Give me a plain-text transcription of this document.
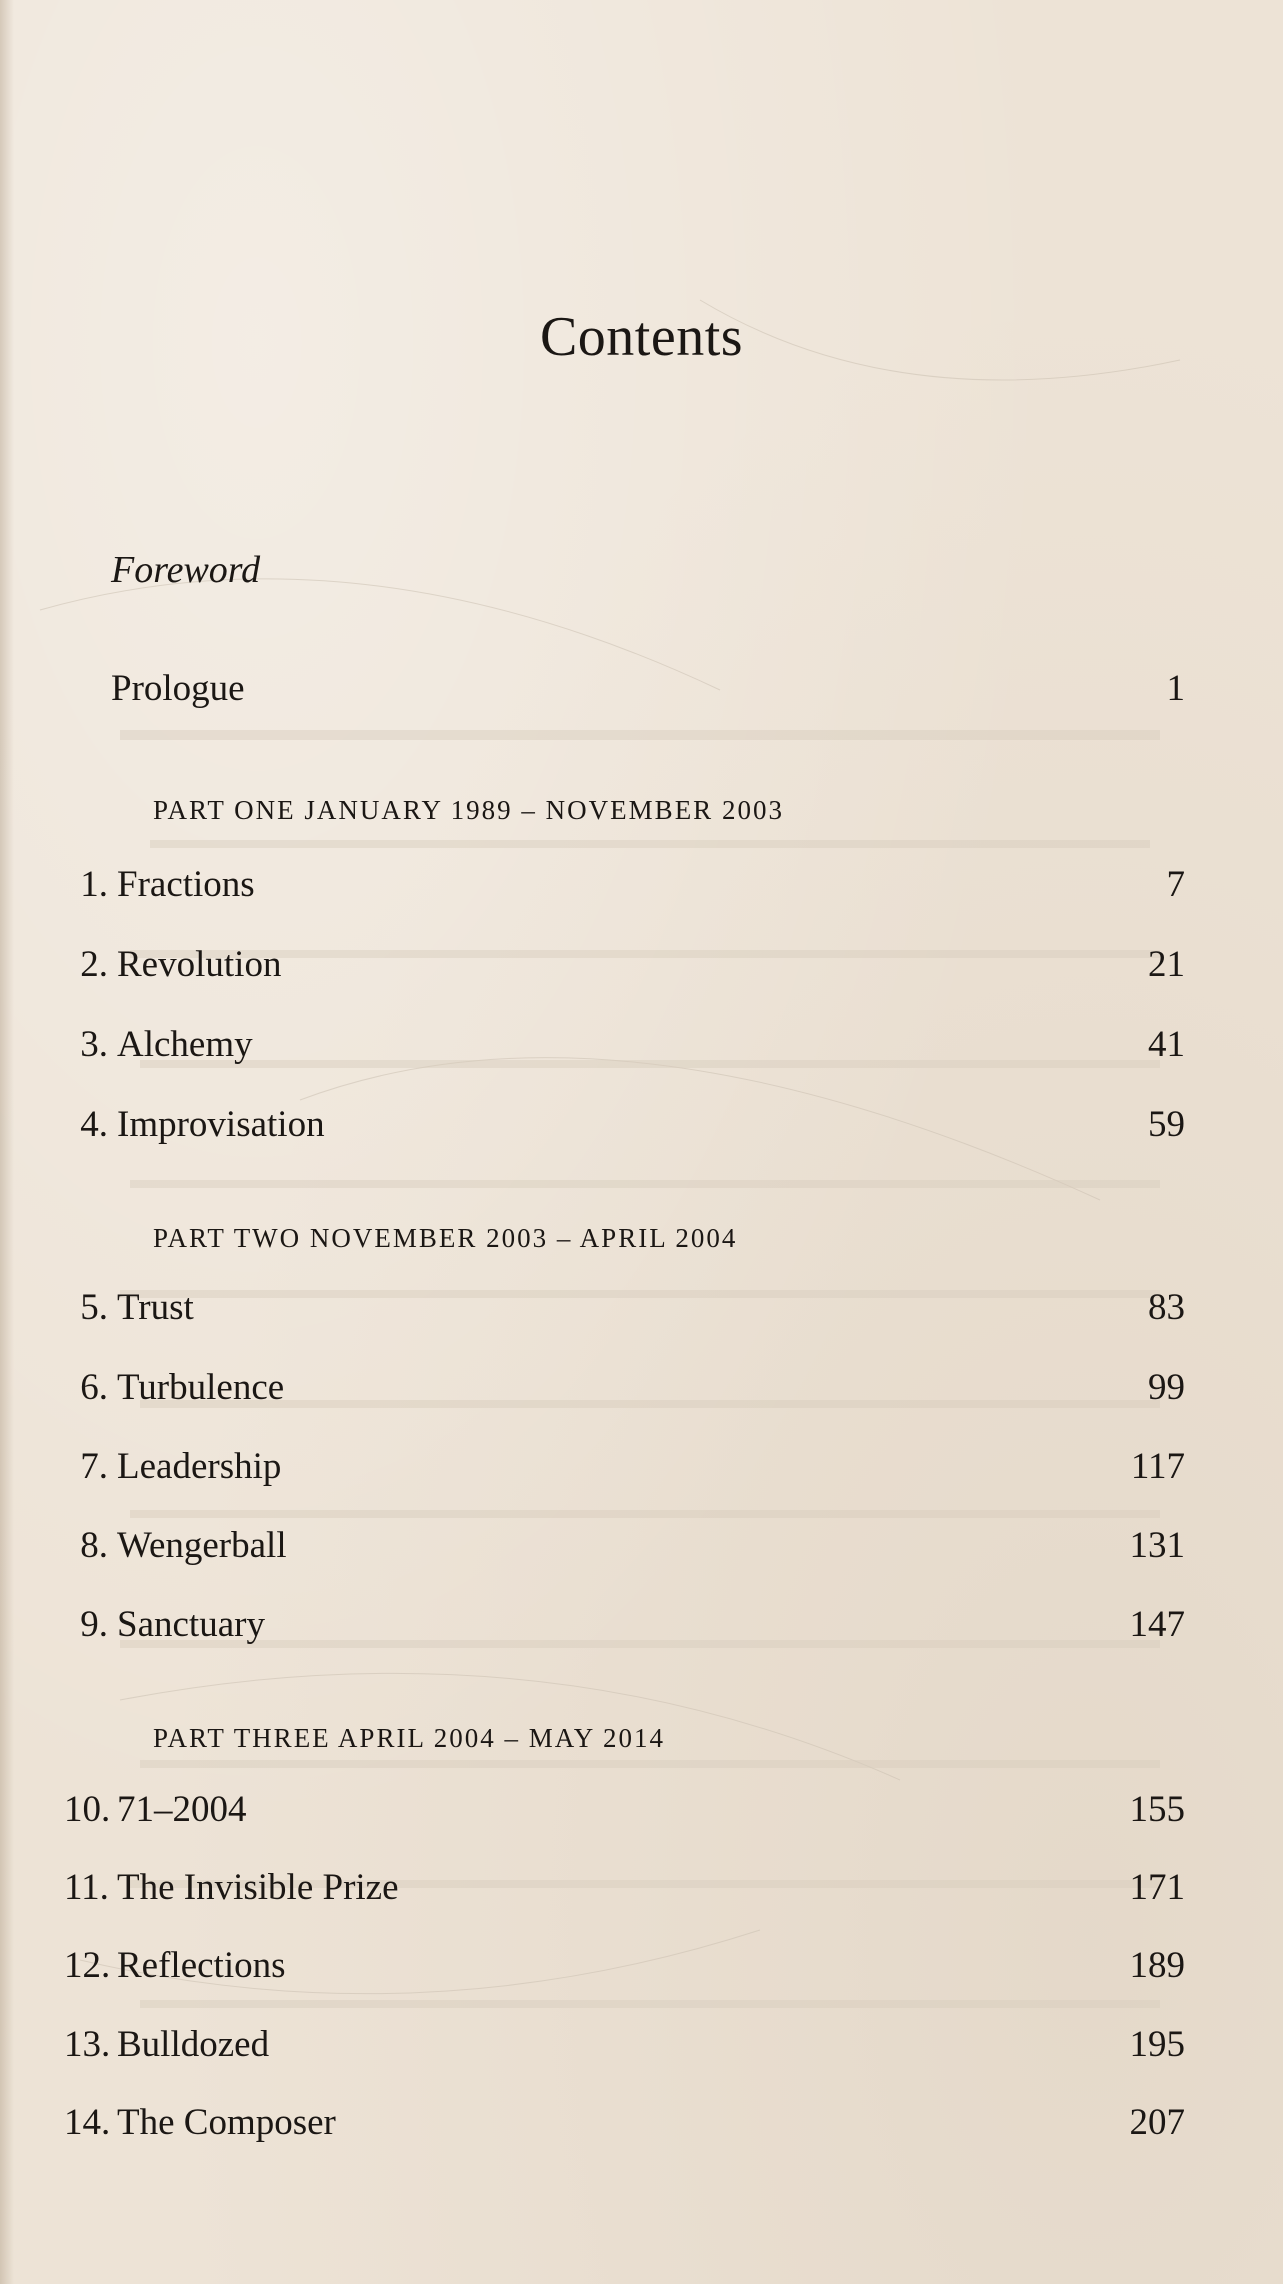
Contents
Foreword
Prologue	1
PART ONE JANUARY 1989 – NOVEMBER 2003
1. Fractions	7
2. Revolution	21
3. Alchemy	41
4. Improvisation	59
PART TWO NOVEMBER 2003 – APRIL 2004
5. Trust	83
6. Turbulence	99
7. Leadership	117
8. Wengerball	131
9. Sanctuary	147
PART THREE APRIL 2004 – MAY 2014
10. 71–2004	155
11. The Invisible Prize	171
12. Reflections	189
13. Bulldozed	195
14. The Composer	207
